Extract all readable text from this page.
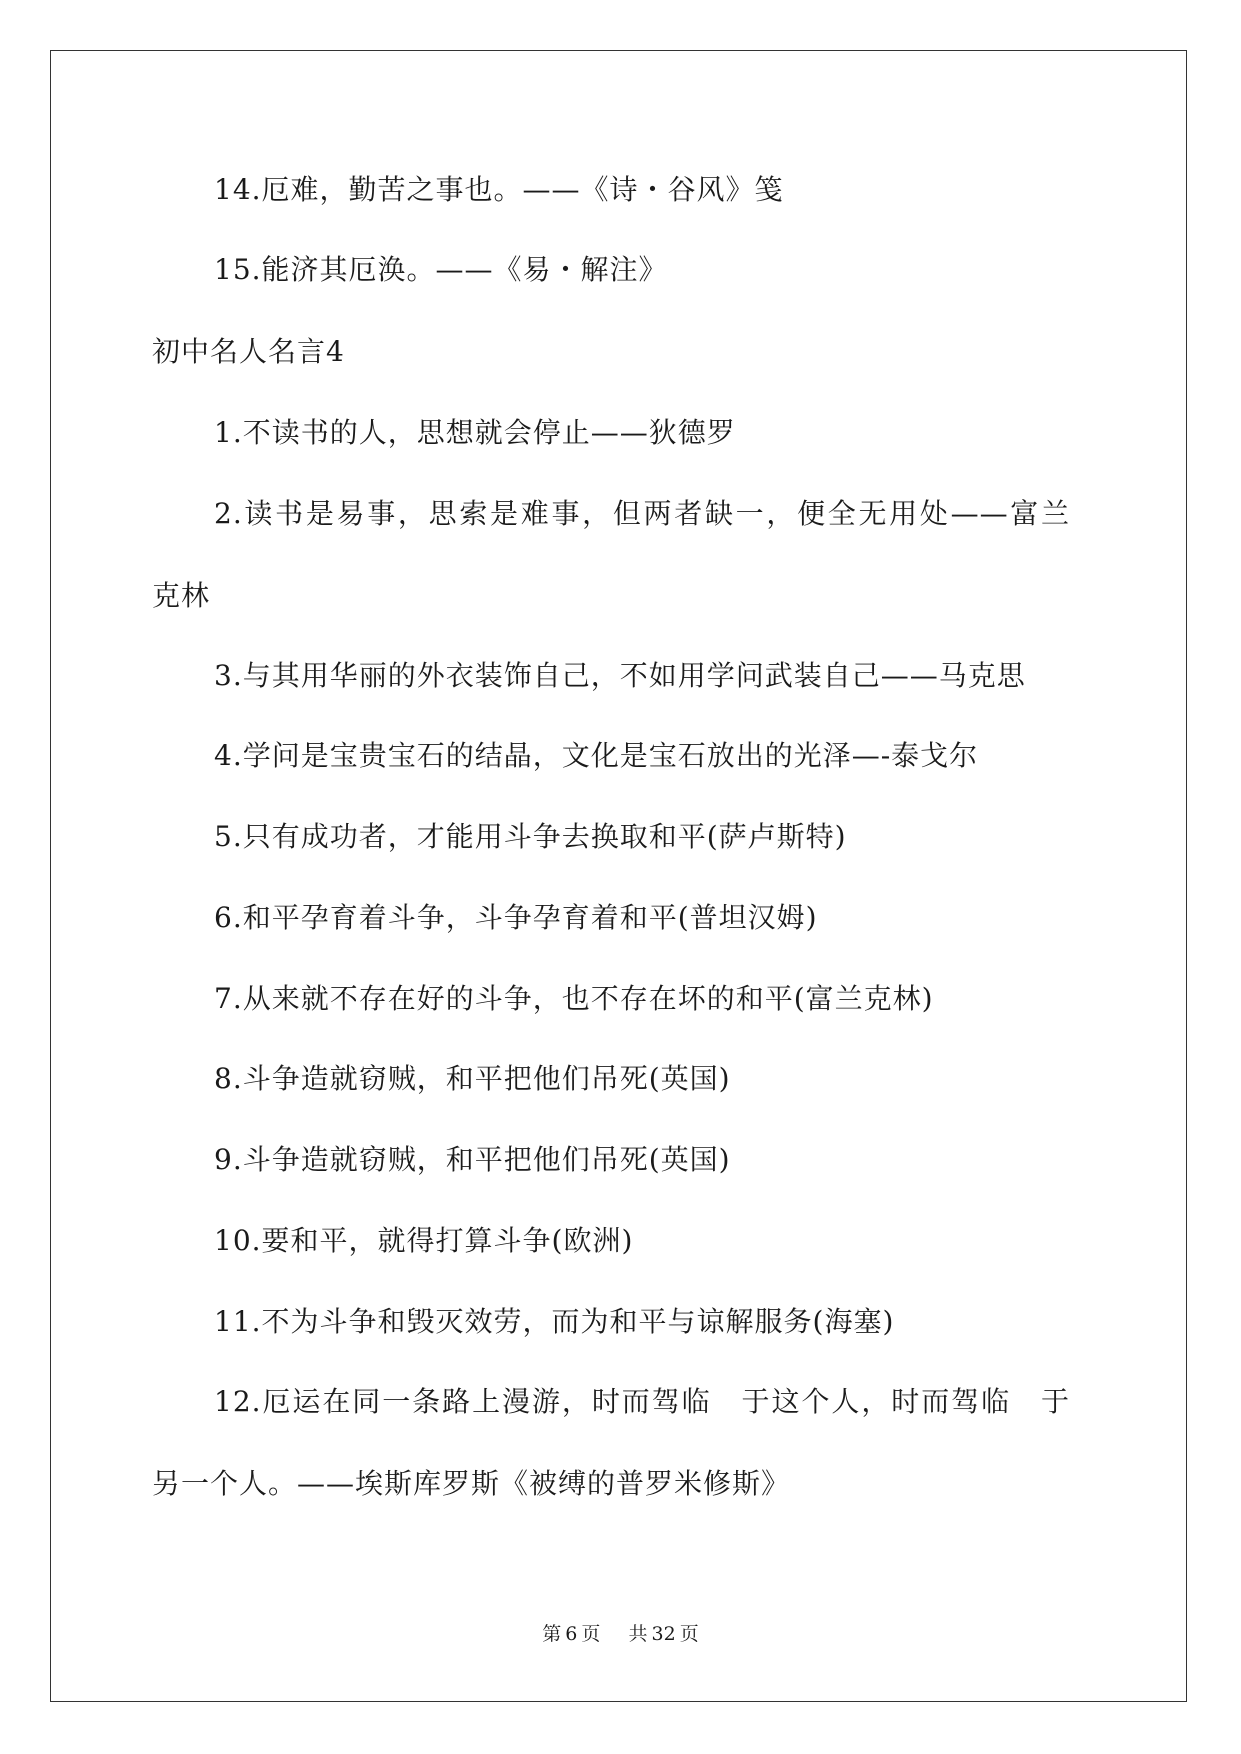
14.厄难，勤苦之事也。——《诗・谷风》笺
15.能济其厄涣。——《易・解注》
初中名人名言4
1.不读书的人，思想就会停止——狄德罗
2.读书是易事，思索是难事，但两者缺一，便全无用处——富兰
克林
3.与其用华丽的外衣装饰自己，不如用学问武装自己——马克思
4.学问是宝贵宝石的结晶，文化是宝石放出的光泽—-泰戈尔
5.只有成功者，才能用斗争去换取和平(萨卢斯特)
6.和平孕育着斗争，斗争孕育着和平(普坦汉姆)
7.从来就不存在好的斗争，也不存在坏的和平(富兰克林)
8.斗争造就窃贼，和平把他们吊死(英国)
9.斗争造就窃贼，和平把他们吊死(英国)
10.要和平，就得打算斗争(欧洲)
11.不为斗争和毁灭效劳，而为和平与谅解服务(海塞)
12.厄运在同一条路上漫游，时而驾临　于这个人，时而驾临　于
另一个人。——埃斯库罗斯《被缚的普罗米修斯》
第 6 页 共 32 页
